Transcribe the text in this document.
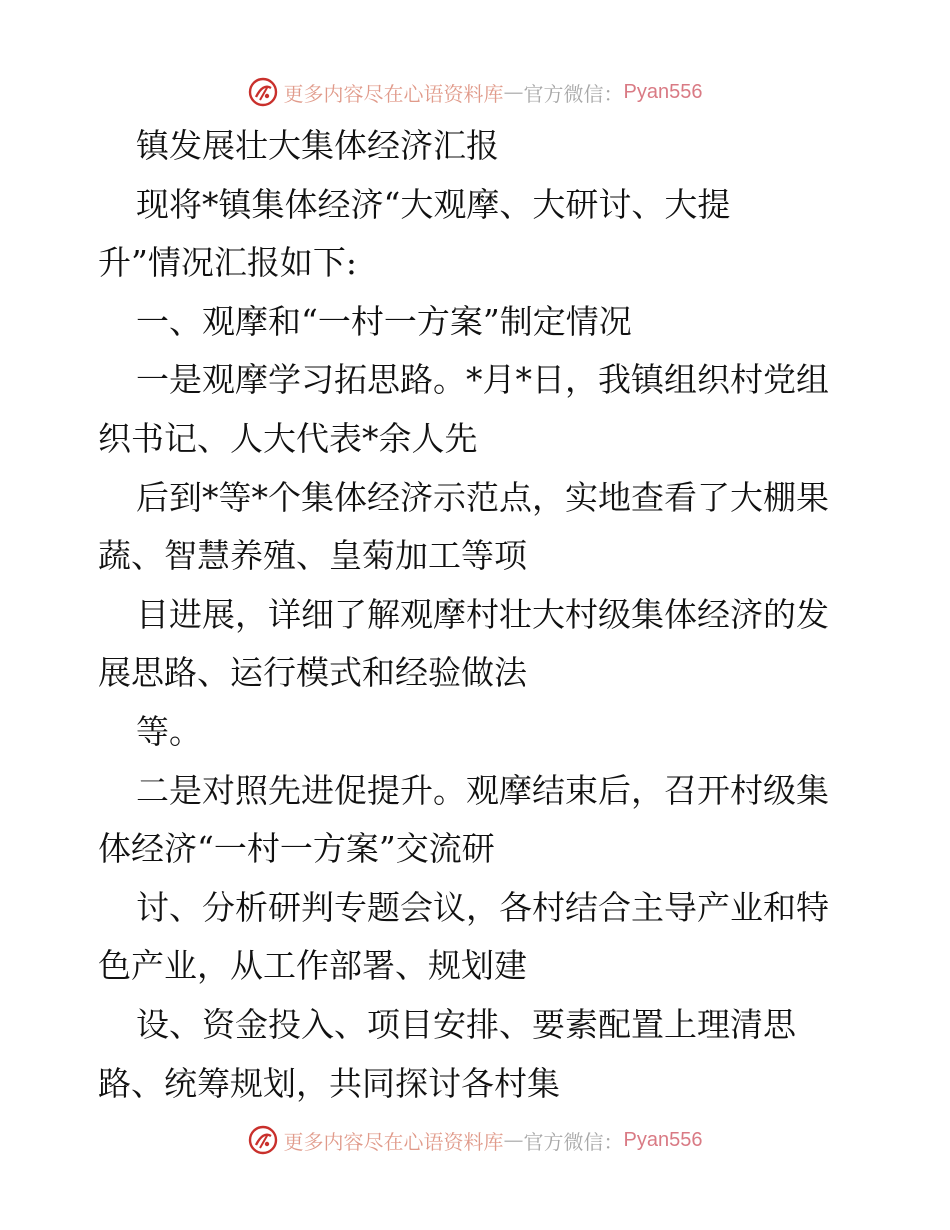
更多内容尽在心语资料库 — 官方微信： Pyan556
镇发展壮大集体经济汇报
现将*镇集体经济“大观摩、大研讨、大提
升”情况汇报如下:
一、观摩和“一村一方案”制定情况
一是观摩学习拓思路。*月*日，我镇组织村党组
织书记、人大代表*余人先
后到*等*个集体经济示范点，实地查看了大棚果
蔬、智慧养殖、皇菊加工等项
目进展，详细了解观摩村壮大村级集体经济的发
展思路、运行模式和经验做法
等。
二是对照先进促提升。观摩结束后，召开村级集
体经济“一村一方案”交流研
讨、分析研判专题会议，各村结合主导产业和特
色产业，从工作部署、规划建
设、资金投入、项目安排、要素配置上理清思
路、统筹规划，共同探讨各村集
更多内容尽在心语资料库 — 官方微信： Pyan556
